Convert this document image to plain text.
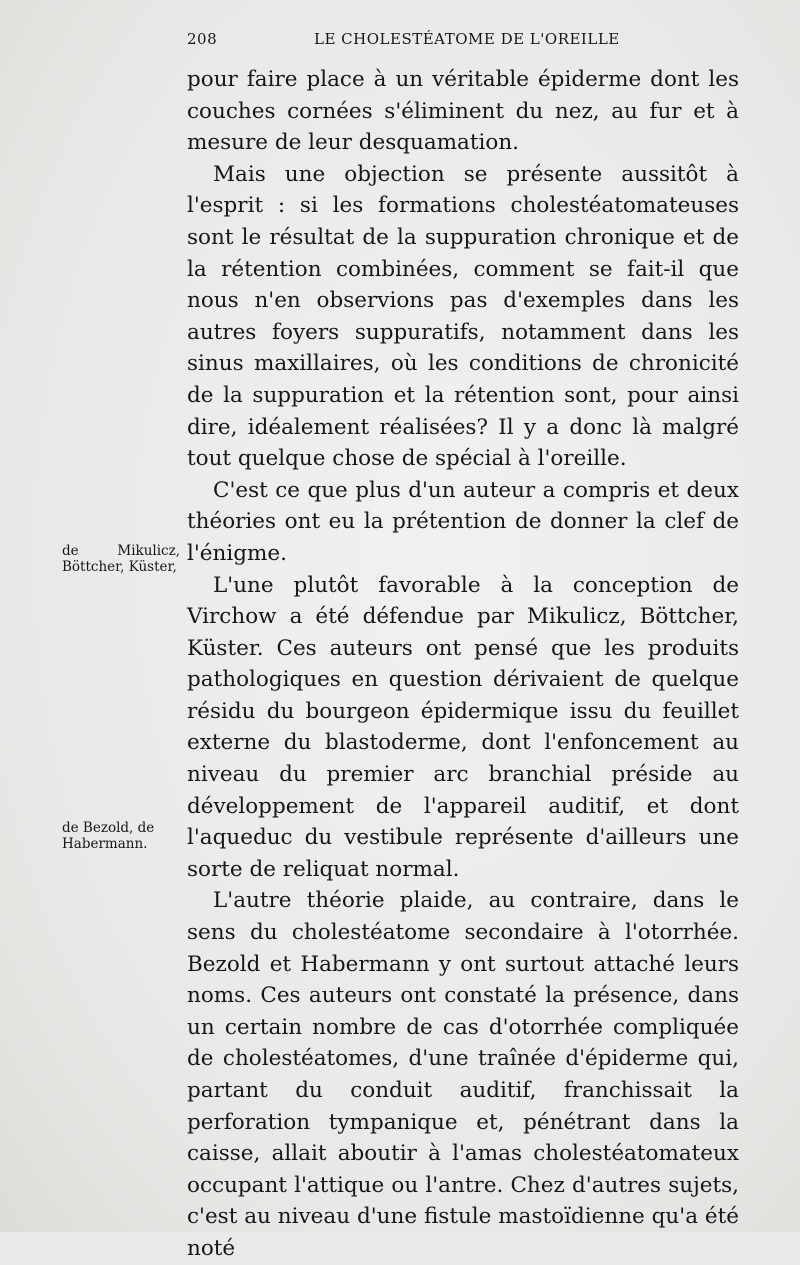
208	LE CHOLESTÉATOME DE L'OREILLE

pour faire place à un véritable épiderme dont les couches cornées s'éliminent du nez, au fur et à mesure de leur desquamation.

Mais une objection se présente aussitôt à l'esprit : si les formations cholestéatomateuses sont le résultat de la suppuration chronique et de la rétention combinées, comment se fait-il que nous n'en observions pas d'exemples dans les autres foyers suppuratifs, notamment dans les sinus maxillaires, où les conditions de chronicité de la suppuration et la rétention sont, pour ainsi dire, idéalement réalisées? Il y a donc là malgré tout quelque chose de spécial à l'oreille.

C'est ce que plus d'un auteur a compris et deux théories ont eu la prétention de donner la clef de l'énigme.

L'une plutôt favorable à la conception de Virchow a été défendue par Mikulicz, Böttcher, Küster. Ces auteurs ont pensé que les produits pathologiques en question dérivaient de quelque résidu du bourgeon épidermique issu du feuillet externe du blastoderme, dont l'enfoncement au niveau du premier arc branchial préside au développement de l'appareil auditif, et dont l'aqueduc du vestibule représente d'ailleurs une sorte de reliquat normal.

L'autre théorie plaide, au contraire, dans le sens du cholestéatome secondaire à l'otorrhée. Bezold et Habermann y ont surtout attaché leurs noms. Ces auteurs ont constaté la présence, dans un certain nombre de cas d'otorrhée compliquée de cholestéatomes, d'une traînée d'épiderme qui, partant du conduit auditif, franchissait la perforation tympanique et, pénétrant dans la caisse, allait aboutir à l'amas cholestéatomateux occupant l'attique ou l'antre. Chez d'autres sujets, c'est au niveau d'une fistule mastoïdienne qu'a été noté

de Mikulicz, Böttcher, Küster,
de Bezold, de
Habermann.
